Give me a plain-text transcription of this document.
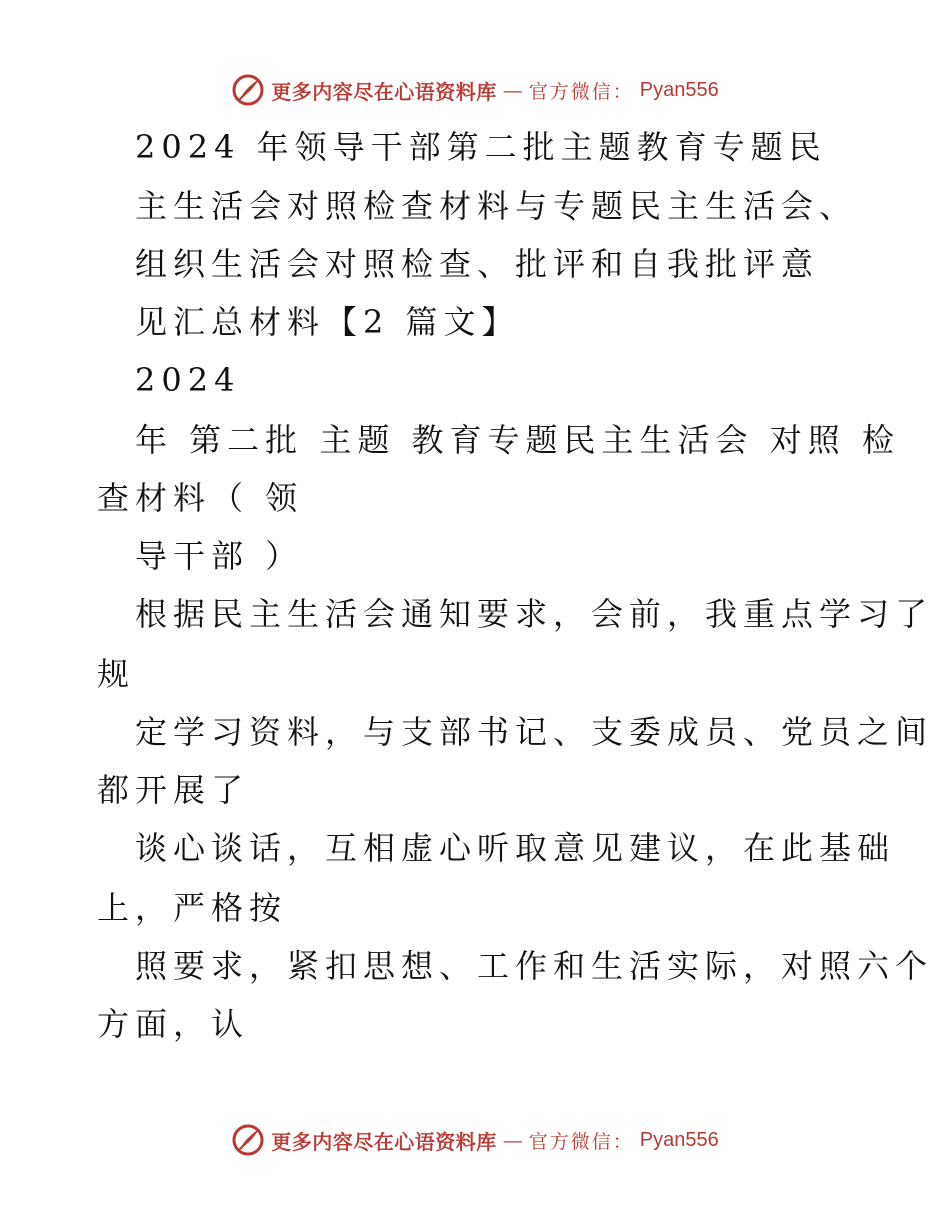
更多内容尽在心语资料库 — 官方微信： Pyan556
2024 年领导干部第二批主题教育专题民
主生活会对照检查材料与专题民主生活会、
组织生活会对照检查、批评和自我批评意
见汇总材料【2 篇文】
2024
年 第二批 主题 教育专题民主生活会 对照 检
查材料（ 领
导干部 ）
根据民主生活会通知要求，会前，我重点学习了
规
定学习资料，与支部书记、支委成员、党员之间
都开展了
谈心谈话，互相虚心听取意见建议，在此基础
上，严格按
照要求，紧扣思想、工作和生活实际，对照六个
方面，认
更多内容尽在心语资料库 — 官方微信： Pyan556
